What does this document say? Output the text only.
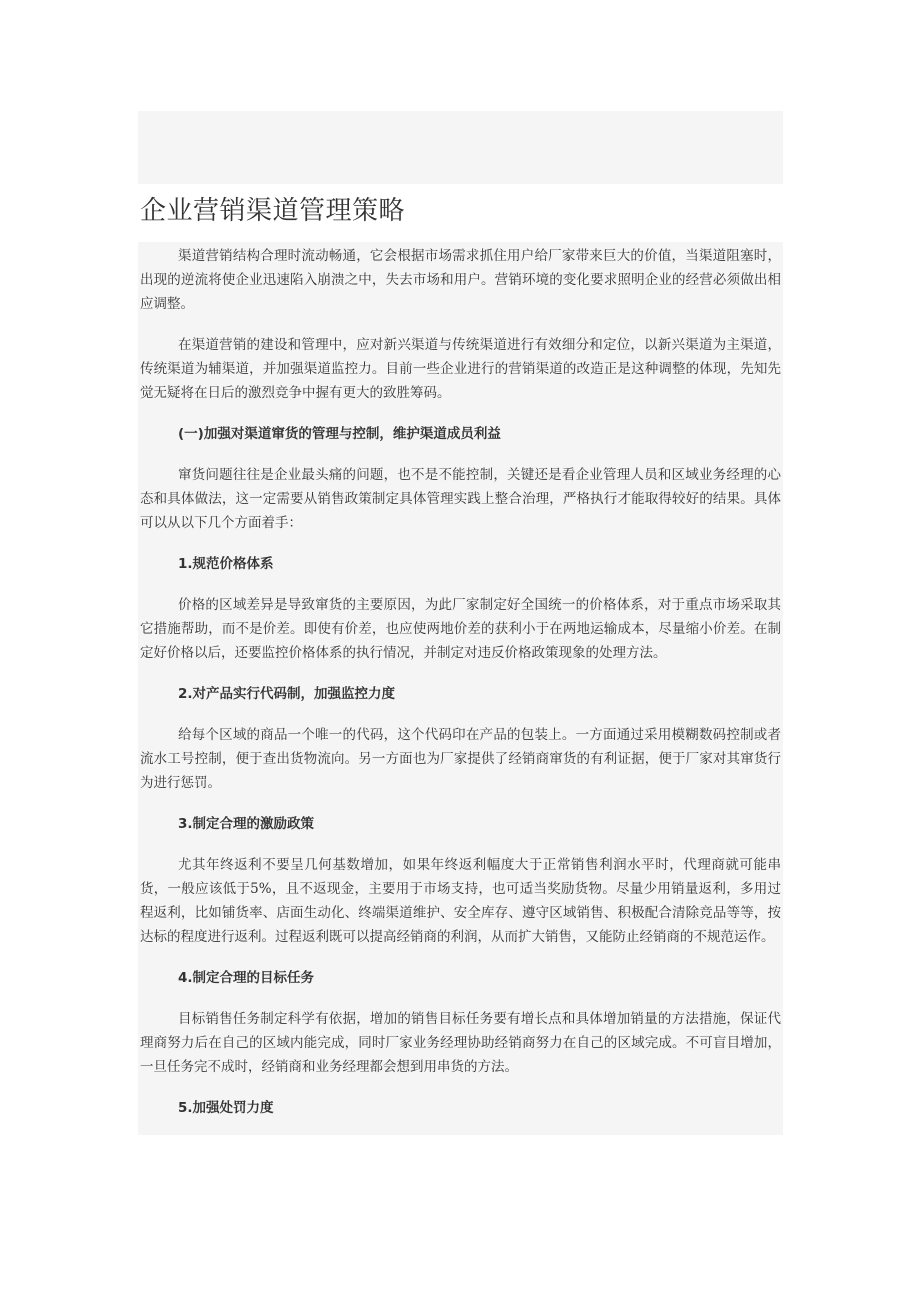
企业营销渠道管理策略

渠道营销结构合理时流动畅通，它会根据市场需求抓住用户给厂家带来巨大的价值，当渠道阻塞时，出现的逆流将使企业迅速陷入崩溃之中，失去市场和用户。营销环境的变化要求照明企业的经营必须做出相应调整。

在渠道营销的建设和管理中，应对新兴渠道与传统渠道进行有效细分和定位，以新兴渠道为主渠道，传统渠道为辅渠道，并加强渠道监控力。目前一些企业进行的营销渠道的改造正是这种调整的体现，先知先觉无疑将在日后的激烈竞争中握有更大的致胜筹码。

(一)加强对渠道窜货的管理与控制，维护渠道成员利益

窜货问题往往是企业最头痛的问题，也不是不能控制，关键还是看企业管理人员和区域业务经理的心态和具体做法，这一定需要从销售政策制定具体管理实践上整合治理，严格执行才能取得较好的结果。具体可以从以下几个方面着手：

1.规范价格体系

价格的区域差异是导致窜货的主要原因，为此厂家制定好全国统一的价格体系，对于重点市场采取其它措施帮助，而不是价差。即使有价差，也应使两地价差的获利小于在两地运输成本，尽量缩小价差。在制定好价格以后，还要监控价格体系的执行情况，并制定对违反价格政策现象的处理方法。

2.对产品实行代码制，加强监控力度

给每个区域的商品一个唯一的代码，这个代码印在产品的包装上。一方面通过采用模糊数码控制或者流水工号控制，便于查出货物流向。另一方面也为厂家提供了经销商窜货的有利证据，便于厂家对其窜货行为进行惩罚。

3.制定合理的激励政策

尤其年终返利不要呈几何基数增加，如果年终返利幅度大于正常销售利润水平时，代理商就可能串货，一般应该低于5%，且不返现金，主要用于市场支持，也可适当奖励货物。尽量少用销量返利，多用过程返利，比如铺货率、店面生动化、终端渠道维护、安全库存、遵守区域销售、积极配合清除竞品等等，按达标的程度进行返利。过程返利既可以提高经销商的利润，从而扩大销售，又能防止经销商的不规范运作。

4.制定合理的目标任务

目标销售任务制定科学有依据，增加的销售目标任务要有增长点和具体增加销量的方法措施，保证代理商努力后在自己的区域内能完成，同时厂家业务经理协助经销商努力在自己的区域完成。不可盲目增加，一旦任务完不成时，经销商和业务经理都会想到用串货的方法。

5.加强处罚力度
